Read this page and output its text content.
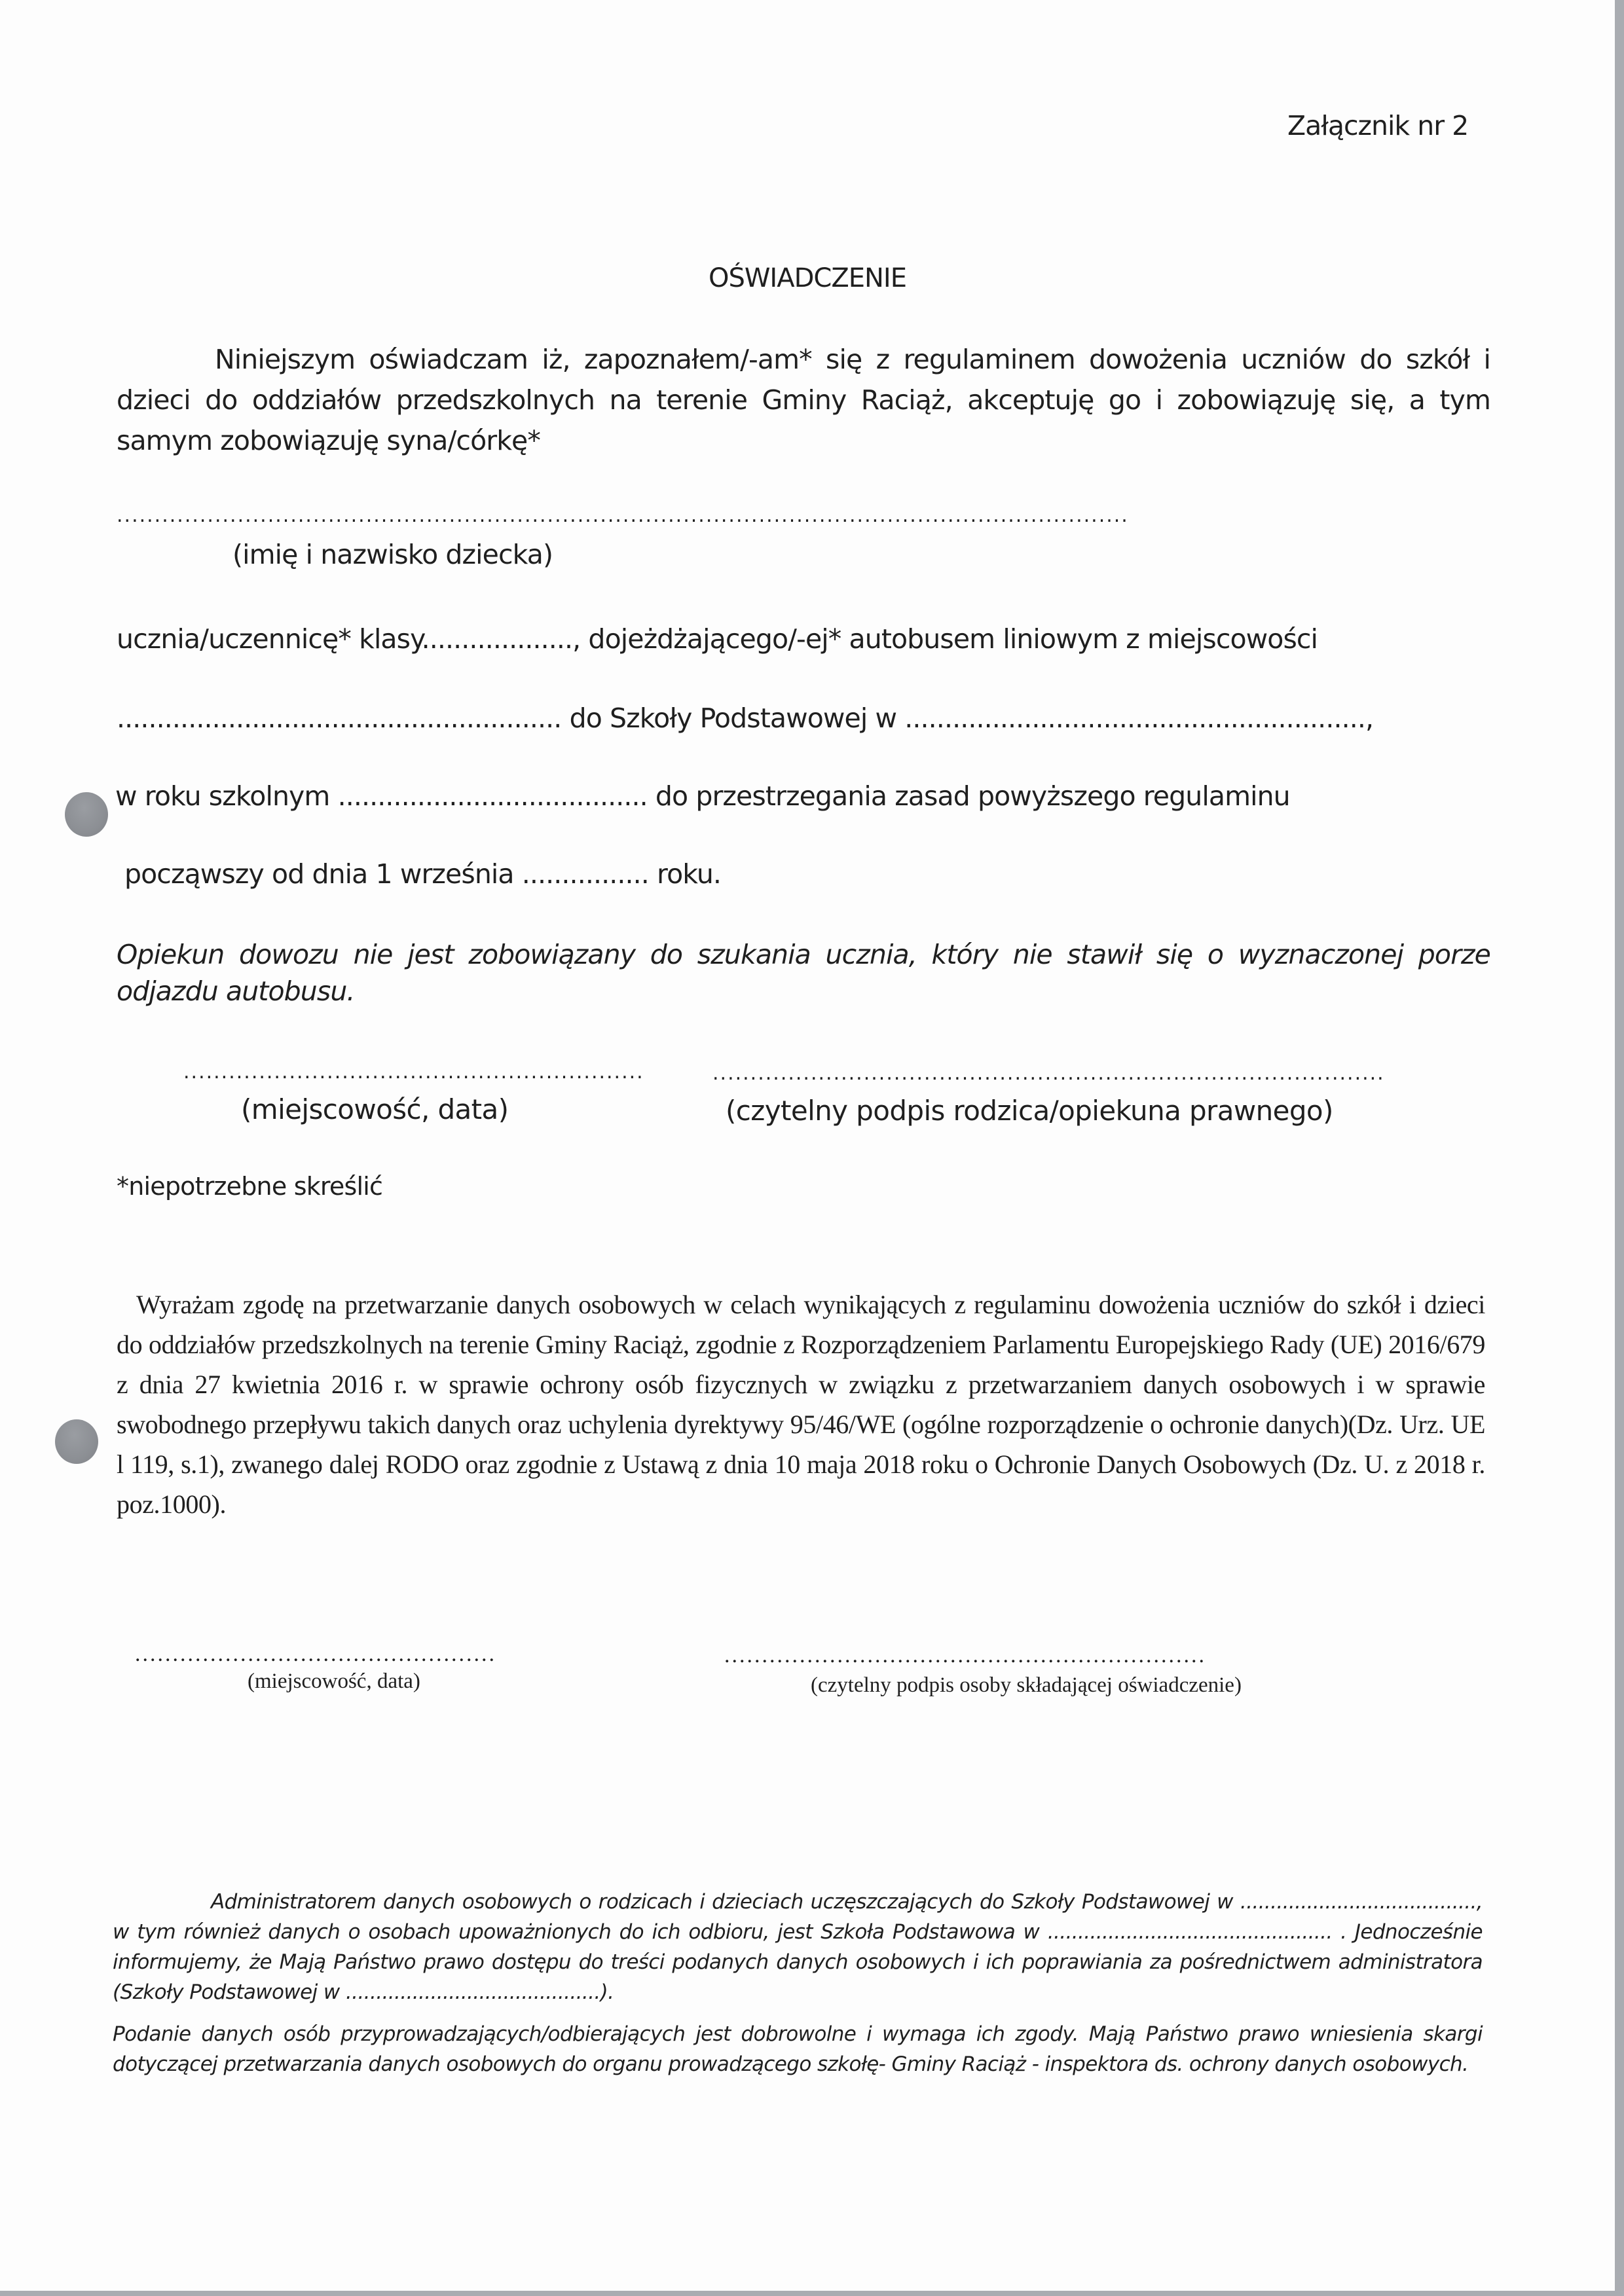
Załącznik nr 2
OŚWIADCZENIE
Niniejszym oświadczam iż, zapoznałem/-am* się z regulaminem dowożenia uczniów do szkół i dzieci do oddziałów przedszkolnych na terenie Gminy Raciąż, akceptuję go i zobowiązuję się, a tym samym zobowiązuję syna/córkę*
......................................................................................................................................
(imię i nazwisko dziecka)
ucznia/uczennicę* klasy..................., dojeżdżającego/-ej* autobusem liniowym z miejscowości
........................................................ do Szkoły Podstawowej w ..........................................................,
w roku szkolnym ....................................... do przestrzegania zasad powyższego regulaminu
począwszy od dnia 1 września ................ roku.
Opiekun dowozu nie jest zobowiązany do szukania ucznia, który nie stawił się o wyznaczonej porze odjazdu autobusu.
.............................................................	.........................................................................................
(miejscowość, data)	(czytelny podpis rodzica/opiekuna prawnego)
*niepotrzebne skreślić
Wyrażam zgodę na przetwarzanie danych osobowych w celach wynikających z regulaminu dowożenia uczniów do szkół i dzieci do oddziałów przedszkolnych na terenie Gminy Raciąż, zgodnie z Rozporządzeniem Parlamentu Europejskiego Rady (UE) 2016/679 z dnia 27 kwietnia 2016 r. w sprawie ochrony osób fizycznych w związku z przetwarzaniem danych osobowych i w sprawie swobodnego przepływu takich danych oraz uchylenia dyrektywy 95/46/WE (ogólne rozporządzenie o ochronie danych)(Dz. Urz. UE l 119, s.1), zwanego dalej RODO oraz zgodnie z Ustawą z dnia 10 maja 2018 roku o Ochronie Danych Osobowych (Dz. U. z 2018 r. poz.1000).
................................................	................................................................
(miejscowość, data)	(czytelny podpis osoby składającej oświadczenie)
Administratorem danych osobowych o rodzicach i dzieciach uczęszczających do Szkoły Podstawowej w ......................................., w tym również danych o osobach upoważnionych do ich odbioru, jest Szkoła Podstawowa w ............................................... . Jednocześnie informujemy, że Mają Państwo prawo dostępu do treści podanych danych osobowych i ich poprawiania za pośrednictwem administratora (Szkoły Podstawowej w ..........................................).
Podanie danych osób przyprowadzających/odbierających jest dobrowolne i wymaga ich zgody. Mają Państwo prawo wniesienia skargi dotyczącej przetwarzania danych osobowych do organu prowadzącego szkołę- Gminy Raciąż - inspektora ds. ochrony danych osobowych.
